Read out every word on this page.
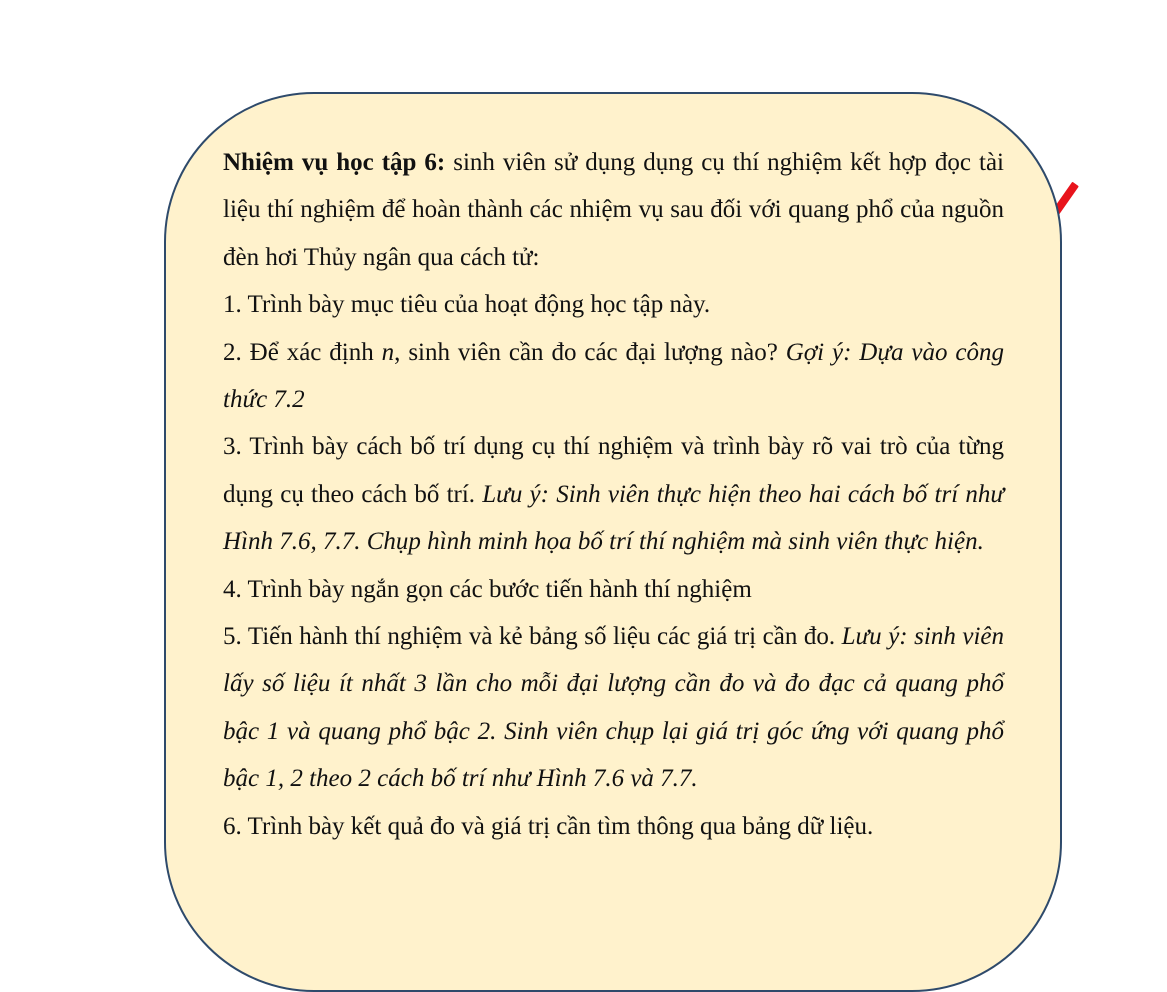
Nhiệm vụ học tập 6: sinh viên sử dụng dụng cụ thí nghiệm kết hợp đọc tài liệu thí nghiệm để hoàn thành các nhiệm vụ sau đối với quang phổ của nguồn đèn hơi Thủy ngân qua cách tử:

1. Trình bày mục tiêu của hoạt động học tập này.

2. Để xác định n, sinh viên cần đo các đại lượng nào? Gợi ý: Dựa vào công thức 7.2

3. Trình bày cách bố trí dụng cụ thí nghiệm và trình bày rõ vai trò của từng dụng cụ theo cách bố trí. Lưu ý: Sinh viên thực hiện theo hai cách bố trí như Hình 7.6, 7.7. Chụp hình minh họa bố trí thí nghiệm mà sinh viên thực hiện.

4. Trình bày ngắn gọn các bước tiến hành thí nghiệm

5. Tiến hành thí nghiệm và kẻ bảng số liệu các giá trị cần đo. Lưu ý: sinh viên lấy số liệu ít nhất 3 lần cho mỗi đại lượng cần đo và đo đạc cả quang phổ bậc 1 và quang phổ bậc 2. Sinh viên chụp lại giá trị góc ứng với quang phổ bậc 1, 2 theo 2 cách bố trí như Hình 7.6 và 7.7.

6. Trình bày kết quả đo và giá trị cần tìm thông qua bảng dữ liệu.
